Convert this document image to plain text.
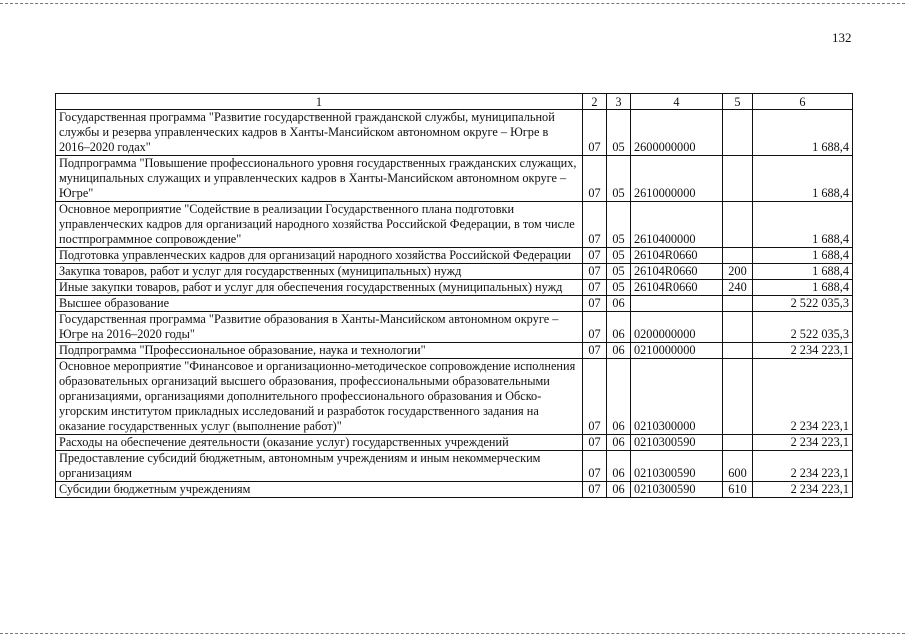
132
1	2	3	4	5	6
Государственная программа "Развитие государственной гражданской службы, муниципальной службы и резерва управленческих кадров в Ханты-Мансийском автономном округе – Югре в 2016–2020 годах"	07	05	2600000000		1 688,4
Подпрограмма "Повышение профессионального уровня государственных гражданских служащих, муниципальных служащих и управленческих кадров в Ханты-Мансийском автономном округе – Югре"	07	05	2610000000		1 688,4
Основное мероприятие "Содействие в реализации Государственного плана подготовки управленческих кадров для организаций народного хозяйства Российской Федерации, в том числе постпрограммное сопровождение"	07	05	2610400000		1 688,4
Подготовка управленческих кадров для организаций народного хозяйства Российской Федерации	07	05	26104R0660		1 688,4
Закупка товаров, работ и услуг для государственных (муниципальных) нужд	07	05	26104R0660	200	1 688,4
Иные закупки товаров, работ и услуг для обеспечения государственных (муниципальных) нужд	07	05	26104R0660	240	1 688,4
Высшее образование	07	06			2 522 035,3
Государственная программа "Развитие образования в Ханты-Мансийском автономном округе – Югре на 2016–2020 годы"	07	06	0200000000		2 522 035,3
Подпрограмма "Профессиональное образование, наука и технологии"	07	06	0210000000		2 234 223,1
Основное мероприятие "Финансовое и организационно-методическое сопровождение исполнения образовательных организаций высшего образования, профессиональными образовательными организациями, организациями дополнительного профессионального образования и Обско-угорским институтом прикладных исследований и разработок государственного задания на оказание государственных услуг (выполнение работ)"	07	06	0210300000		2 234 223,1
Расходы на обеспечение деятельности (оказание услуг) государственных учреждений	07	06	0210300590		2 234 223,1
Предоставление субсидий бюджетным, автономным учреждениям и иным некоммерческим организациям	07	06	0210300590	600	2 234 223,1
Субсидии бюджетным учреждениям	07	06	0210300590	610	2 234 223,1
